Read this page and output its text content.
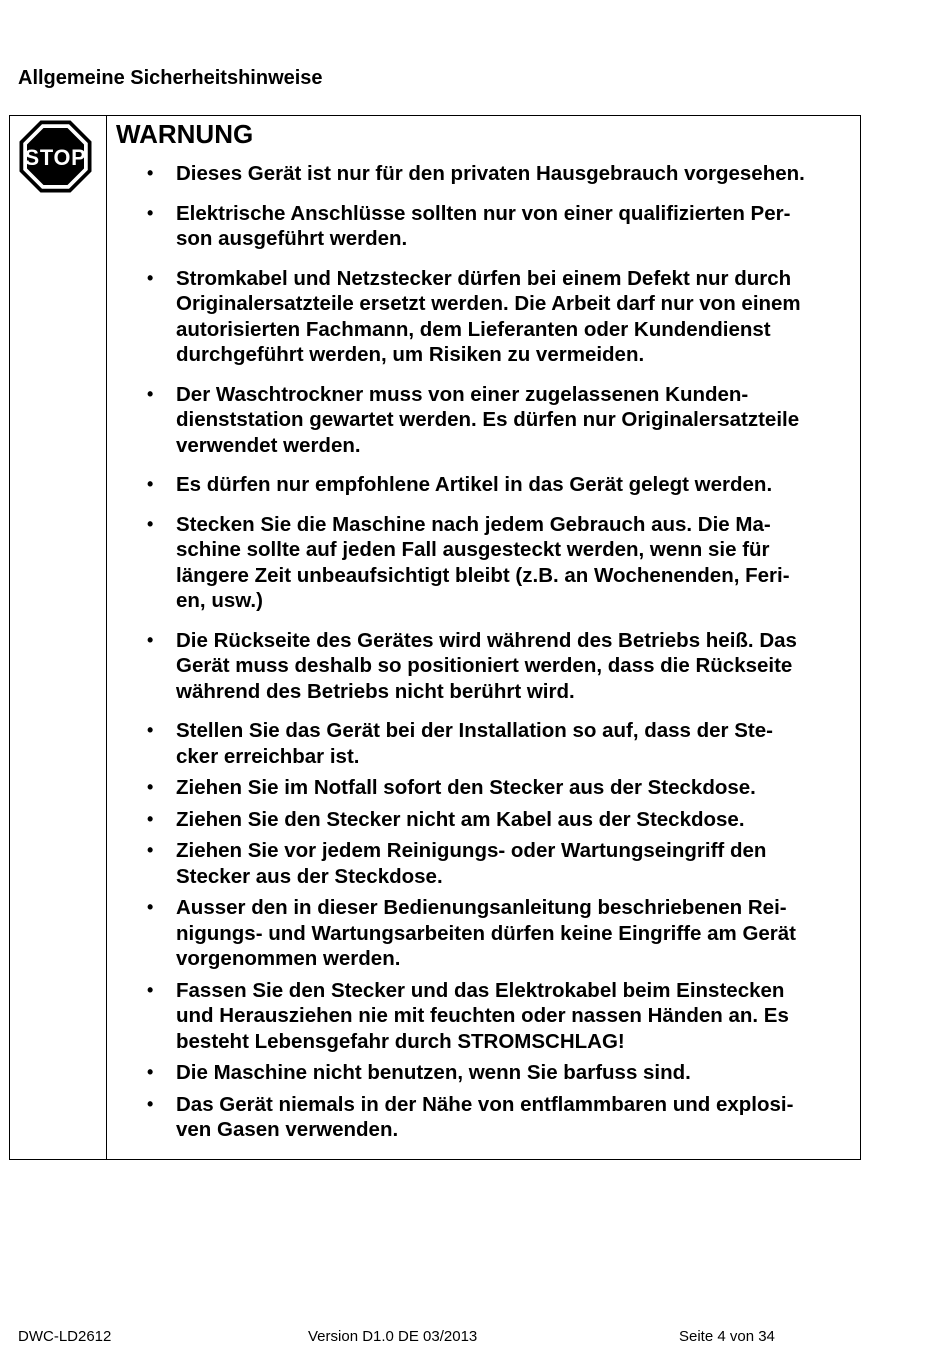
Allgemeine Sicherheitshinweise
STOP
WARNUNG
• Dieses Gerät ist nur für den privaten Hausgebrauch vorgesehen.
• Elektrische Anschlüsse sollten nur von einer qualifizierten Per-
son ausgeführt werden.
• Stromkabel und Netzstecker dürfen bei einem Defekt nur durch
Originalersatzteile ersetzt werden. Die Arbeit darf nur von einem
autorisierten Fachmann, dem Lieferanten oder Kundendienst
durchgeführt werden, um Risiken zu vermeiden.
• Der Waschtrockner muss von einer zugelassenen Kunden-
dienststation gewartet werden. Es dürfen nur Originalersatzteile
verwendet werden.
• Es dürfen nur empfohlene Artikel in das Gerät gelegt werden.
• Stecken Sie die Maschine nach jedem Gebrauch aus. Die Ma-
schine sollte auf jeden Fall ausgesteckt werden, wenn sie für
längere Zeit unbeaufsichtigt bleibt (z.B. an Wochenenden, Feri-
en, usw.)
• Die Rückseite des Gerätes wird während des Betriebs heiß. Das
Gerät muss deshalb so positioniert werden, dass die Rückseite
während des Betriebs nicht berührt wird.
• Stellen Sie das Gerät bei der Installation so auf, dass der Ste-
cker erreichbar ist.
• Ziehen Sie im Notfall sofort den Stecker aus der Steckdose.
• Ziehen Sie den Stecker nicht am Kabel aus der Steckdose.
• Ziehen Sie vor jedem Reinigungs- oder Wartungseingriff den
Stecker aus der Steckdose.
• Ausser den in dieser Bedienungsanleitung beschriebenen Rei-
nigungs- und Wartungsarbeiten dürfen keine Eingriffe am Gerät
vorgenommen werden.
• Fassen Sie den Stecker und das Elektrokabel beim Einstecken
und Herausziehen nie mit feuchten oder nassen Händen an. Es
besteht Lebensgefahr durch STROMSCHLAG!
• Die Maschine nicht benutzen, wenn Sie barfuss sind.
• Das Gerät niemals in der Nähe von entflammbaren und explosi-
ven Gasen verwenden.
DWC-LD2612	Version D1.0 DE 03/2013	Seite 4 von 34
